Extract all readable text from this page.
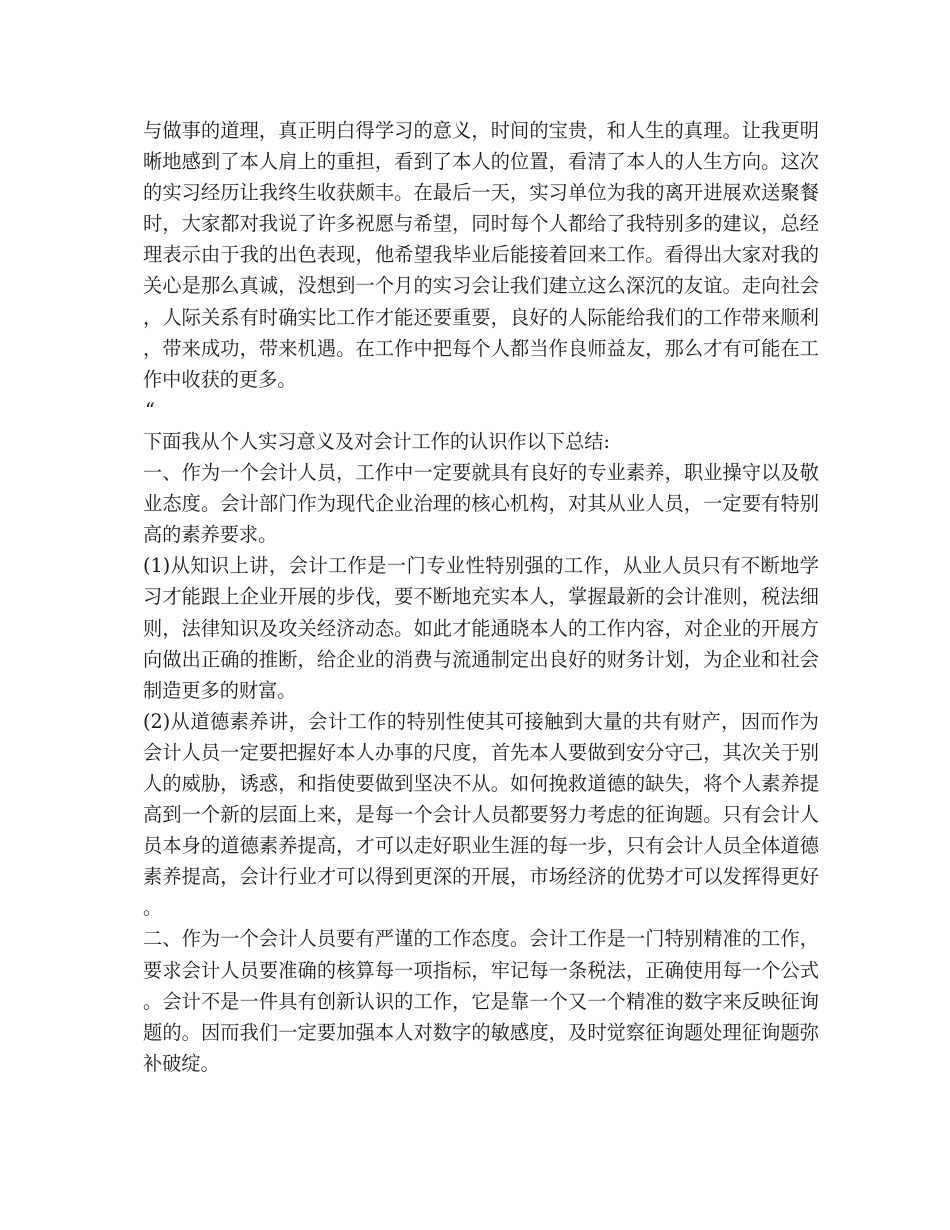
与做事的道理，真正明白得学习的意义，时间的宝贵，和人生的真理。让我更明晰地感到了本人肩上的重担，看到了本人的位置，看清了本人的人生方向。这次的实习经历让我终生收获颇丰。在最后一天，实习单位为我的离开进展欢送聚餐时，大家都对我说了许多祝愿与希望，同时每个人都给了我特别多的建议，总经理表示由于我的出色表现，他希望我毕业后能接着回来工作。看得出大家对我的关心是那么真诚，没想到一个月的实习会让我们建立这么深沉的友谊。走向社会，人际关系有时确实比工作才能还要重要，良好的人际能给我们的工作带来顺利，带来成功，带来机遇。在工作中把每个人都当作良师益友，那么才有可能在工作中收获的更多。

“

下面我从个人实习意义及对会计工作的认识作以下总结:

一、作为一个会计人员，工作中一定要就具有良好的专业素养，职业操守以及敬业态度。会计部门作为现代企业治理的核心机构，对其从业人员，一定要有特别高的素养要求。

(1)从知识上讲，会计工作是一门专业性特别强的工作，从业人员只有不断地学习才能跟上企业开展的步伐，要不断地充实本人，掌握最新的会计准则，税法细则，法律知识及攻关经济动态。如此才能通晓本人的工作内容，对企业的开展方向做出正确的推断，给企业的消费与流通制定出良好的财务计划，为企业和社会制造更多的财富。

(2)从道德素养讲，会计工作的特别性使其可接触到大量的共有财产，因而作为会计人员一定要把握好本人办事的尺度，首先本人要做到安分守己，其次关于别人的威胁，诱惑，和指使要做到坚决不从。如何挽救道德的缺失，将个人素养提高到一个新的层面上来，是每一个会计人员都要努力考虑的征询题。只有会计人员本身的道德素养提高，才可以走好职业生涯的每一步，只有会计人员全体道德素养提高，会计行业才可以得到更深的开展，市场经济的优势才可以发挥得更好。

二、作为一个会计人员要有严谨的工作态度。会计工作是一门特别精准的工作，要求会计人员要准确的核算每一项指标，牢记每一条税法，正确使用每一个公式。会计不是一件具有创新认识的工作，它是靠一个又一个精准的数字来反映征询题的。因而我们一定要加强本人对数字的敏感度，及时觉察征询题处理征询题弥补破绽。
